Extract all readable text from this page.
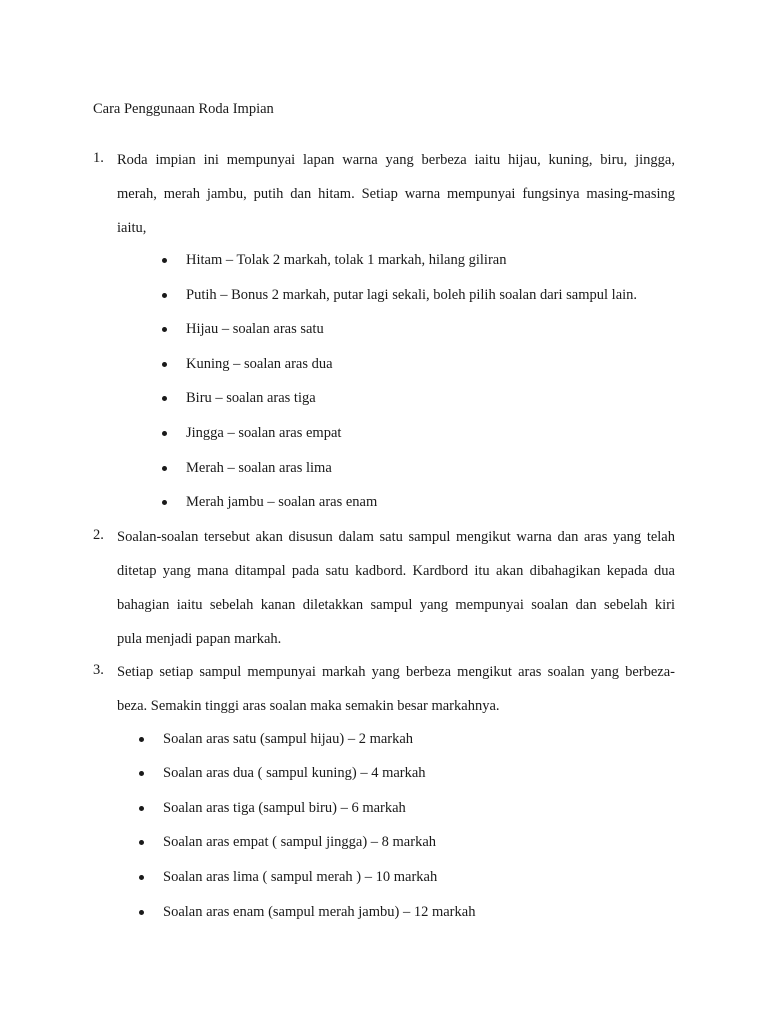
Cara Penggunaan Roda Impian
1. Roda impian ini mempunyai lapan warna yang berbeza iaitu hijau, kuning, biru, jingga,
merah, merah jambu, putih dan hitam. Setiap warna mempunyai fungsinya masing-masing
iaitu,
Hitam – Tolak 2 markah, tolak 1 markah, hilang giliran
Putih – Bonus 2 markah, putar lagi sekali, boleh pilih soalan dari sampul lain.
Hijau – soalan aras satu
Kuning – soalan aras dua
Biru – soalan aras tiga
Jingga – soalan aras empat
Merah – soalan aras lima
Merah jambu – soalan aras enam
2. Soalan-soalan tersebut akan disusun dalam satu sampul mengikut warna dan aras yang telah
ditetap yang mana ditampal pada satu kadbord. Kardbord itu akan dibahagikan kepada dua
bahagian iaitu sebelah kanan diletakkan sampul yang mempunyai soalan dan sebelah kiri
pula menjadi papan markah.
3. Setiap setiap sampul mempunyai markah yang berbeza mengikut aras soalan yang berbeza-
beza. Semakin tinggi aras soalan maka semakin besar markahnya.
Soalan aras satu (sampul hijau) – 2 markah
Soalan aras dua ( sampul kuning) – 4 markah
Soalan aras tiga (sampul biru) – 6 markah
Soalan aras empat ( sampul jingga) – 8 markah
Soalan aras lima ( sampul merah ) – 10 markah
Soalan aras enam (sampul merah jambu) – 12 markah
